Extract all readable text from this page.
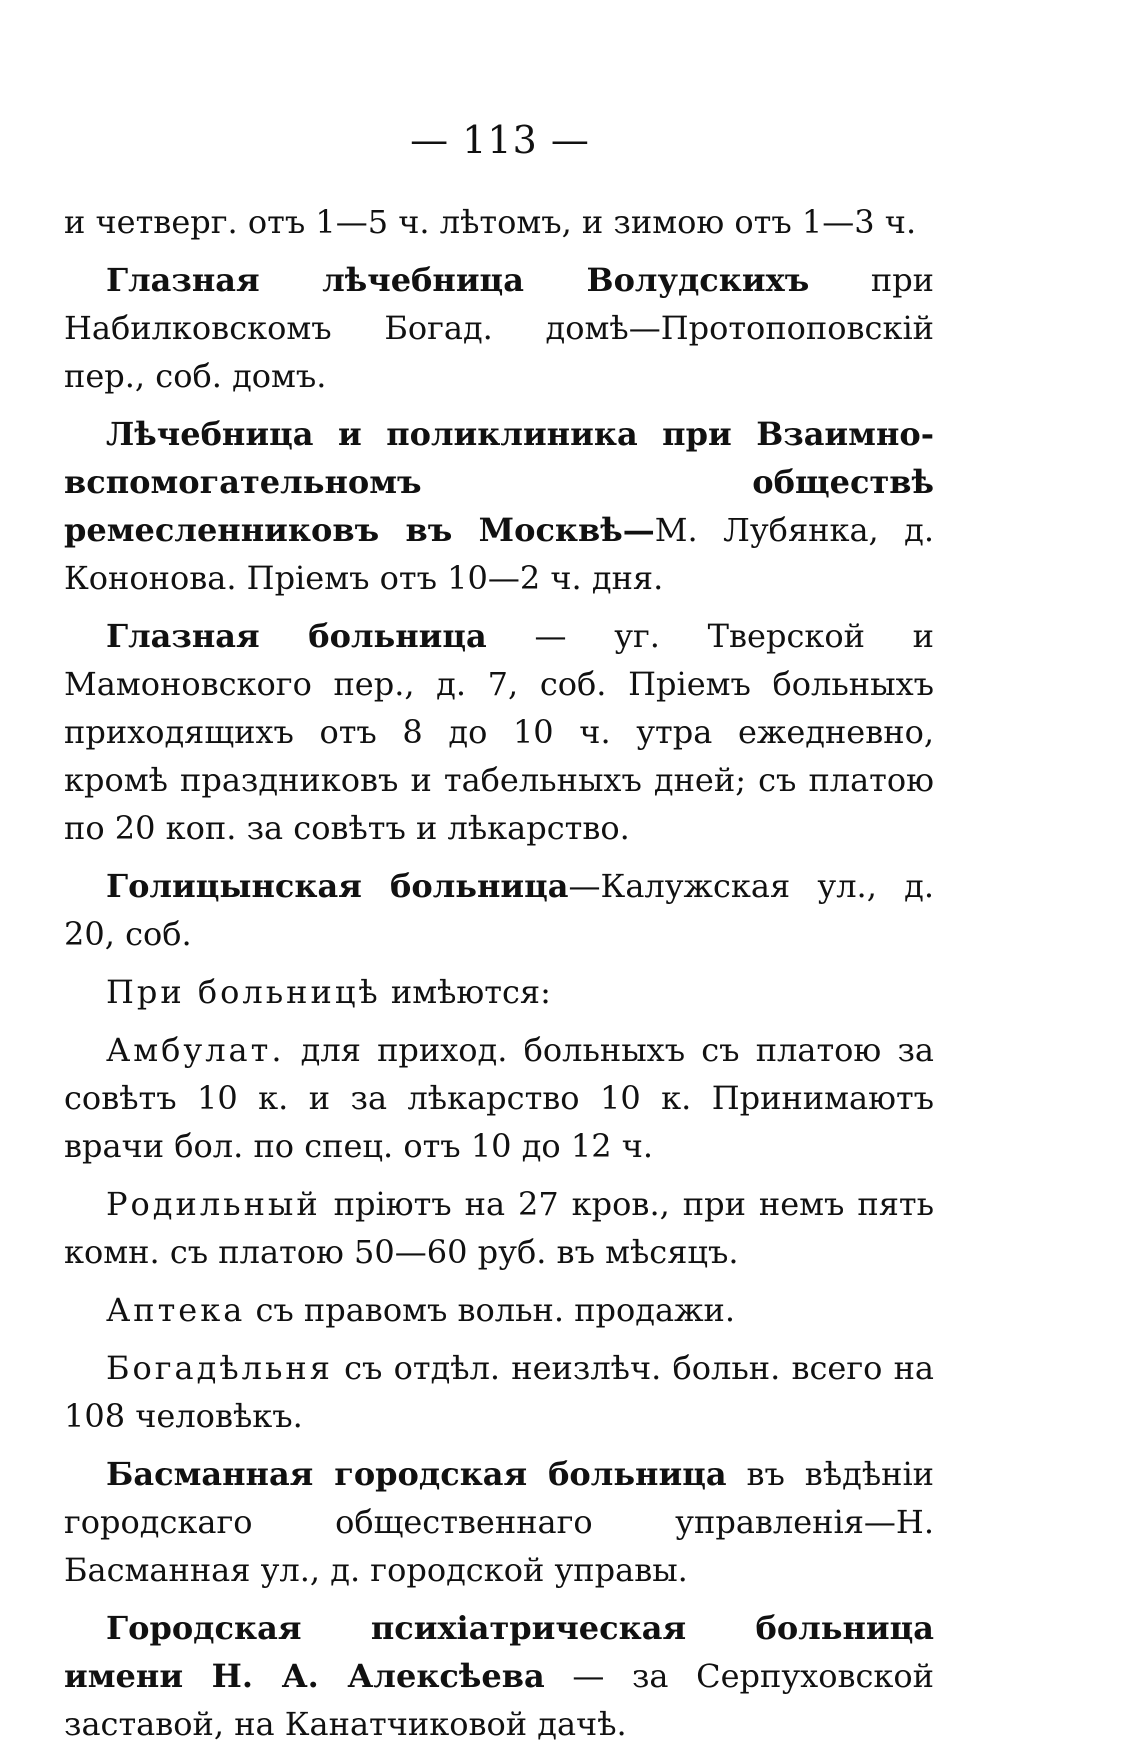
— 113 —

и четверг. отъ 1—5 ч. лѣтомъ, и зимою отъ 1—3 ч.

Глазная лѣчебница Волудскихъ при Набилковскомъ Богад. домѣ—Протопоповскій пер., соб. домъ.

Лѣчебница и поликлиника при Взаимно-вспомогательномъ обществѣ ремесленниковъ въ Москвѣ—М. Лубянка, д. Кононова. Пріемъ отъ 10—2 ч. дня.

Глазная больница — уг. Тверской и Мамоновского пер., д. 7, соб. Пріемъ больныхъ приходящихъ отъ 8 до 10 ч. утра ежедневно, кромѣ праздниковъ и табельныхъ дней; съ платою по 20 коп. за совѣтъ и лѣкарство.

Голицынская больница—Калужская ул., д. 20, соб.

При больницѣ имѣются:

Амбулат. для приход. больныхъ съ платою за совѣтъ 10 к. и за лѣкарство 10 к. Принимаютъ врачи бол. по спец. отъ 10 до 12 ч.

Родильный пріютъ на 27 кров., при немъ пять комн. съ платою 50—60 руб. въ мѣсяцъ.

Аптека съ правомъ вольн. продажи.

Богадѣльня съ отдѣл. неизлѣч. больн. всего на 108 человѣкъ.

Басманная городская больница въ вѣдѣніи городскаго общественнаго управленія—Н. Басманная ул., д. городской управы.

Городская психіатрическая больница имени Н. А. Алексѣева — за Серпуховской заставой, на Канатчиковой дачѣ.
